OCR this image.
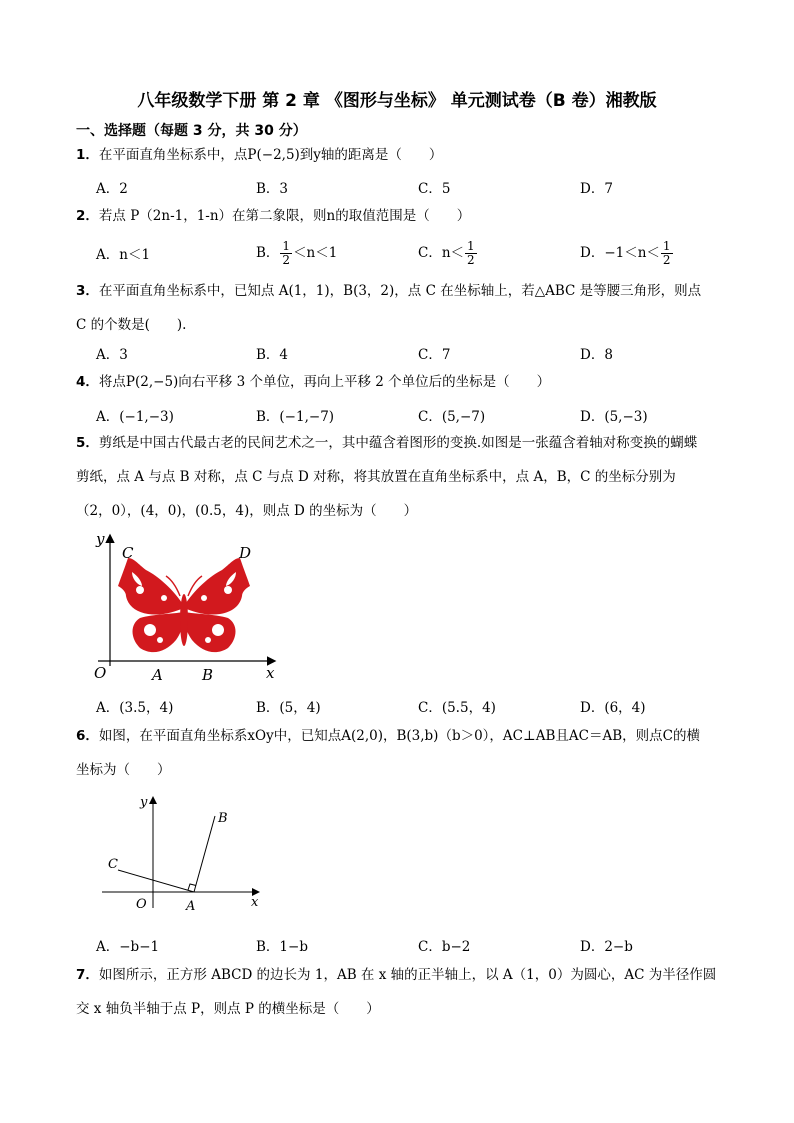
八年级数学下册 第 2 章 《图形与坐标》 单元测试卷（B 卷）湘教版
一、选择题（每题 3 分，共 30 分）
1．在平面直角坐标系中，点P(−2,5)到y轴的距离是（　　）
A．2	B．3	C．5	D．7
2．若点 P（2n-1，1-n）在第二象限，则n的取值范围是（　　）
A．n＜1	B． $\frac{1}{2} <n<1$	C．$n< \frac{1}{2}$	D．$-1<n< \frac{1}{2}$
3．在平面直角坐标系中，已知点 A(1，1)，B(3，2)，点 C 在坐标轴上，若△ABC 是等腰三角形，则点
C 的个数是(　　).
A．3	B．4	C．7	D．8
4．将点P(2,−5)向右平移 3 个单位，再向上平移 2 个单位后的坐标是（　　）
A．(−1,−3)	B．(−1,−7)	C．(5,−7)	D．(5,−3)
5．剪纸是中国古代最古老的民间艺术之一，其中蕴含着图形的变换.如图是一张蕴含着轴对称变换的蝴蝶
剪纸，点 A 与点 B 对称，点 C 与点 D 对称，将其放置在直角坐标系中，点 A，B，C 的坐标分别为
（2，0），(4，0)，(0.5，4)，则点 D 的坐标为（　　）
y
x
O	A	B
C	D
A．(3.5，4)	B．(5，4)	C．(5.5，4)	D．(6，4)
6．如图，在平面直角坐标系xOy中，已知点A(2,0)，B(3,b)（b＞0），AC⊥AB且AC＝AB，则点C的横
坐标为（　　）
y
x
O	A
B
C
A．−b−1	B．1−b	C．b−2	D．2−b
7．如图所示，正方形 ABCD 的边长为 1，AB 在 x 轴的正半轴上，以 A（1，0）为圆心，AC 为半径作圆
交 x 轴负半轴于点 P，则点 P 的横坐标是（　　）
